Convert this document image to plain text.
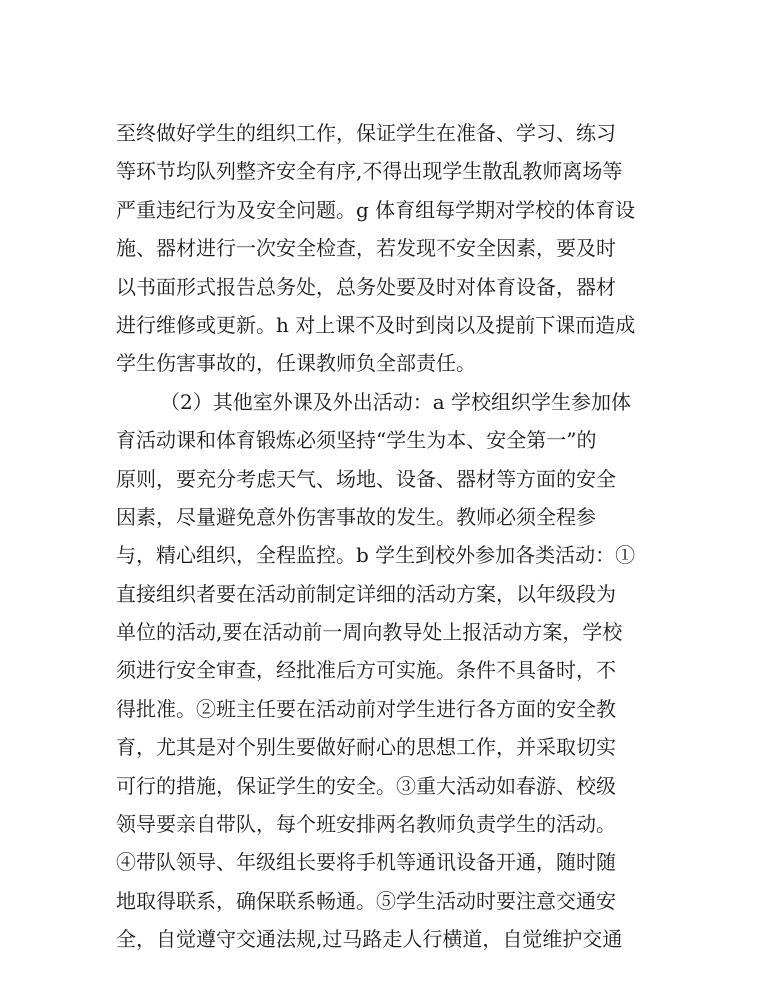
至终做好学生的组织工作，保证学生在准备、学习、练习
等环节均队列整齐安全有序,不得出现学生散乱教师离场等
严重违纪行为及安全问题。g 体育组每学期对学校的体育设
施、器材进行一次安全检查，若发现不安全因素，要及时
以书面形式报告总务处，总务处要及时对体育设备，器材
进行维修或更新。h 对上课不及时到岗以及提前下课而造成
学生伤害事故的，任课教师负全部责任。
（2）其他室外课及外出活动：a 学校组织学生参加体
育活动课和体育锻炼必须坚持“学生为本、安全第一”的
原则，要充分考虑天气、场地、设备、器材等方面的安全
因素，尽量避免意外伤害事故的发生。教师必须全程参
与，精心组织，全程监控。b 学生到校外参加各类活动：①
直接组织者要在活动前制定详细的活动方案，以年级段为
单位的活动,要在活动前一周向教导处上报活动方案，学校
须进行安全审查，经批准后方可实施。条件不具备时，不
得批准。②班主任要在活动前对学生进行各方面的安全教
育，尤其是对个别生要做好耐心的思想工作，并采取切实
可行的措施，保证学生的安全。③重大活动如春游、校级
领导要亲自带队，每个班安排两名教师负责学生的活动。
④带队领导、年级组长要将手机等通讯设备开通，随时随
地取得联系，确保联系畅通。⑤学生活动时要注意交通安
全，自觉遵守交通法规,过马路走人行横道，自觉维护交通
